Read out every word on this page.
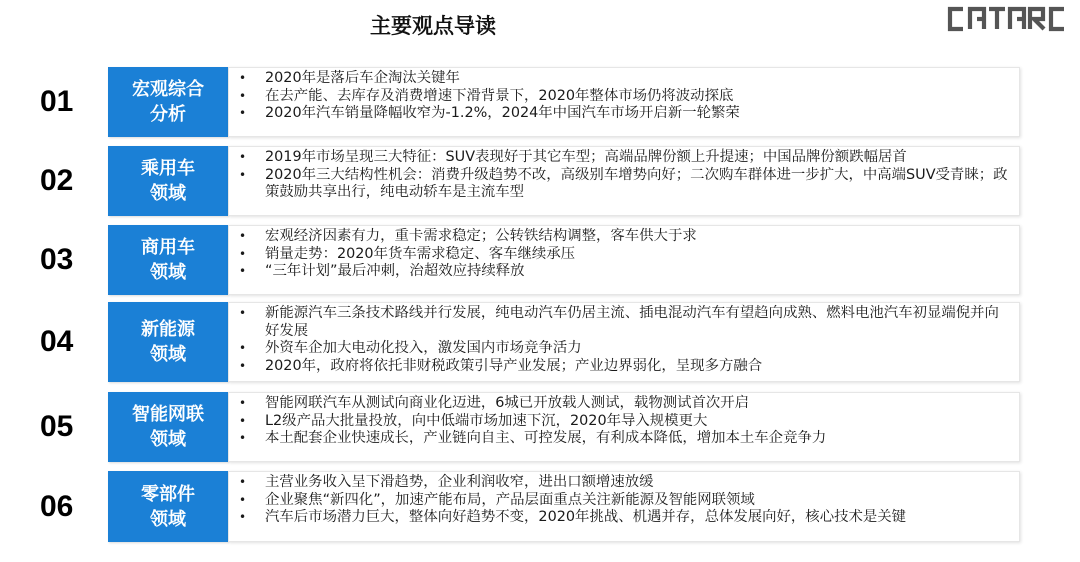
主要观点导读
01	宏观综合
分析
• 2020年是落后车企淘汰关键年
• 在去产能、去库存及消费增速下滑背景下，2020年整体市场仍将波动探底
• 2020年汽车销量降幅收窄为-1.2%，2024年中国汽车市场开启新一轮繁荣
02	乘用车
领域
• 2019年市场呈现三大特征：SUV表现好于其它车型；高端品牌份额上升提速；中国品牌份额跌幅居首
• 2020年三大结构性机会：消费升级趋势不改，高级别车增势向好；二次购车群体进一步扩大，中高端SUV受青睐；政策鼓励共享出行，纯电动轿车是主流车型
03	商用车
领域
• 宏观经济因素有力，重卡需求稳定；公转铁结构调整，客车供大于求
• 销量走势：2020年货车需求稳定、客车继续承压
• “三年计划”最后冲刺，治超效应持续释放
04	新能源
领域
• 新能源汽车三条技术路线并行发展，纯电动汽车仍居主流、插电混动汽车有望趋向成熟、燃料电池汽车初显端倪并向好发展
• 外资车企加大电动化投入，激发国内市场竞争活力
• 2020年，政府将依托非财税政策引导产业发展；产业边界弱化，呈现多方融合
05	智能网联
领域
• 智能网联汽车从测试向商业化迈进，6城已开放载人测试，载物测试首次开启
• L2级产品大批量投放，向中低端市场加速下沉，2020年导入规模更大
• 本土配套企业快速成长，产业链向自主、可控发展，有利成本降低，增加本土车企竞争力
06	零部件
领域
• 主营业务收入呈下滑趋势，企业利润收窄，进出口额增速放缓
• 企业聚焦“新四化”，加速产能布局，产品层面重点关注新能源及智能网联领域
• 汽车后市场潜力巨大，整体向好趋势不变，2020年挑战、机遇并存，总体发展向好，核心技术是关键
